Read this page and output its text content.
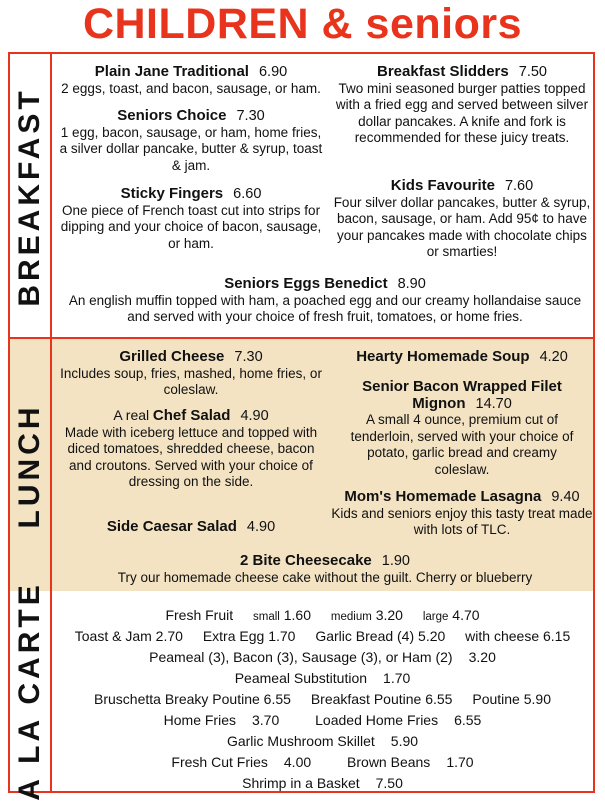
CHILDREN & seniors
BREAKFAST
Plain Jane Traditional 6.90
2 eggs, toast, and bacon, sausage, or ham.
Seniors Choice 7.30
1 egg, bacon, sausage, or ham, home fries, a silver dollar pancake, butter & syrup, toast & jam.
Sticky Fingers 6.60
One piece of French toast cut into strips for dipping and your choice of bacon, sausage, or ham.
Breakfast Slidders 7.50
Two mini seasoned burger patties topped with a fried egg and served between silver dollar pancakes. A knife and fork is recommended for these juicy treats.
Kids Favourite 7.60
Four silver dollar pancakes, butter & syrup, bacon, sausage, or ham. Add 95¢ to have your pancakes made with chocolate chips or smarties!
Seniors Eggs Benedict 8.90
An english muffin topped with ham, a poached egg and our creamy hollandaise sauce and served with your choice of fresh fruit, tomatoes, or home fries.
LUNCH
Grilled Cheese 7.30
Includes soup, fries, mashed, home fries, or coleslaw.
A real Chef Salad 4.90
Made with iceberg lettuce and topped with diced tomatoes, shredded cheese, bacon and croutons. Served with your choice of dressing on the side.
Side Caesar Salad 4.90
Hearty Homemade Soup 4.20
Senior Bacon Wrapped Filet Mignon 14.70
A small 4 ounce, premium cut of tenderloin, served with your choice of potato, garlic bread and creamy coleslaw.
Mom's Homemade Lasagna 9.40
Kids and seniors enjoy this tasty treat made with lots of TLC.
2 Bite Cheesecake 1.90
Try our homemade cheese cake without the guilt. Cherry or blueberry
A LA CARTE	Fresh Fruit small 1.60 medium 3.20 large 4.70
Toast & Jam 2.70 Extra Egg 1.70 Garlic Bread (4) 5.20 with cheese 6.15
Peameal (3), Bacon (3), Sausage (3), or Ham (2) 3.20
Peameal Substitution 1.70
Bruschetta Breaky Poutine 6.55 Breakfast Poutine 6.55 Poutine 5.90
Home Fries 3.70	Loaded Home Fries 6.55
Garlic Mushroom Skillet 5.90
Fresh Cut Fries 4.00	Brown Beans 1.70
Shrimp in a Basket 7.50
